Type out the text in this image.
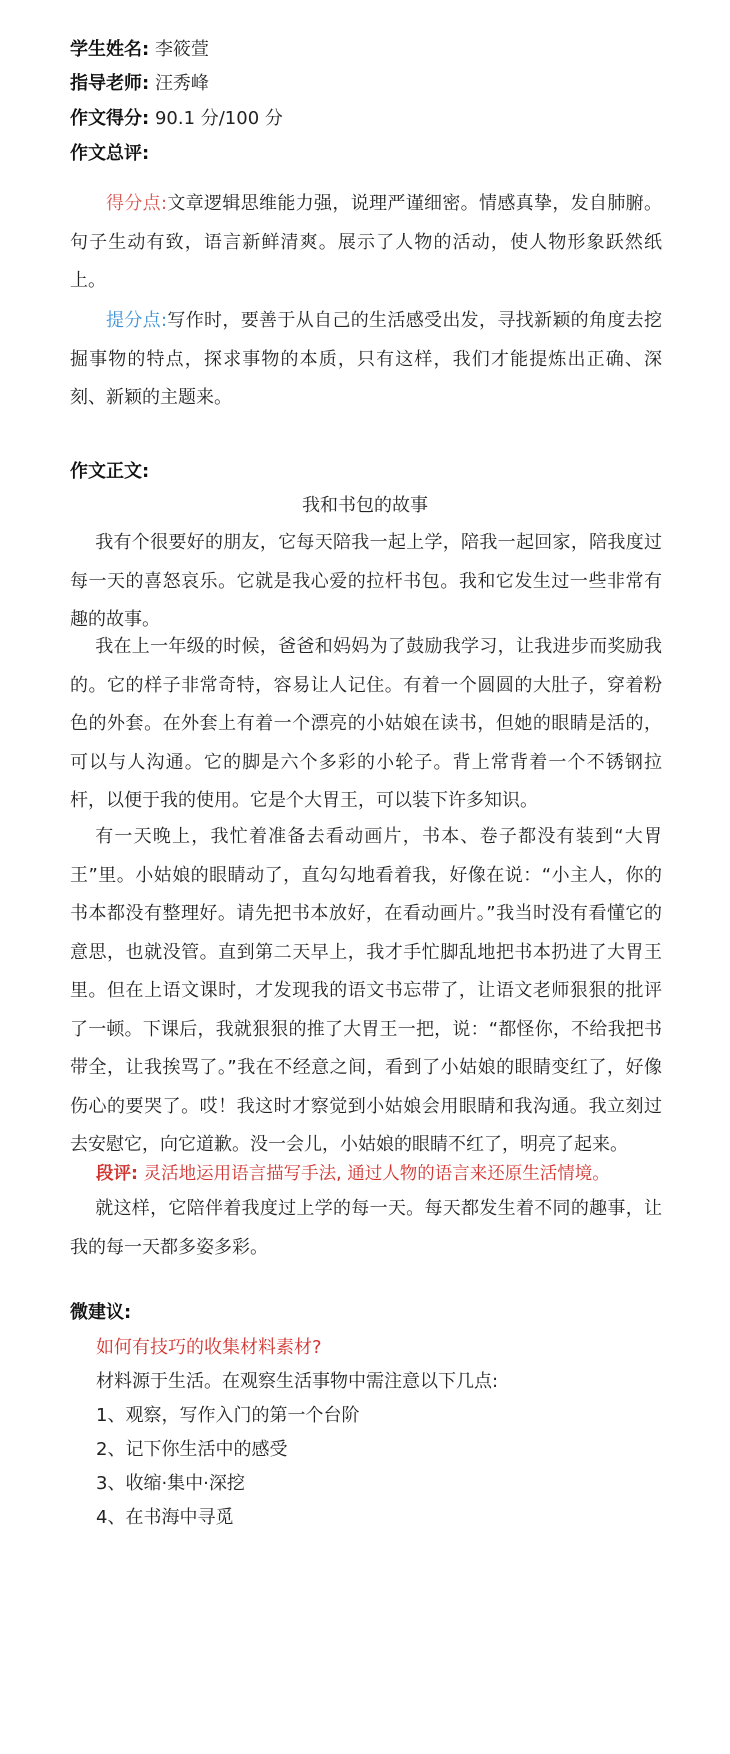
学生姓名: 李筱萱
指导老师: 汪秀峰
作文得分: 90.1 分/100 分
作文总评:
得分点:文章逻辑思维能力强，说理严谨细密。情感真挚，发自肺腑。句子生动有致，语言新鲜清爽。展示了人物的活动，使人物形象跃然纸上。
提分点:写作时，要善于从自己的生活感受出发，寻找新颖的角度去挖掘事物的特点，探求事物的本质，只有这样，我们才能提炼出正确、深刻、新颖的主题来。
作文正文:
我和书包的故事
我有个很要好的朋友，它每天陪我一起上学，陪我一起回家，陪我度过每一天的喜怒哀乐。它就是我心爱的拉杆书包。我和它发生过一些非常有趣的故事。
我在上一年级的时候，爸爸和妈妈为了鼓励我学习，让我进步而奖励我的。它的样子非常奇特，容易让人记住。有着一个圆圆的大肚子，穿着粉色的外套。在外套上有着一个漂亮的小姑娘在读书，但她的眼睛是活的，可以与人沟通。它的脚是六个多彩的小轮子。背上常背着一个不锈钢拉杆，以便于我的使用。它是个大胃王，可以装下许多知识。
有一天晚上，我忙着准备去看动画片，书本、卷子都没有装到“大胃王”里。小姑娘的眼睛动了，直勾勾地看着我，好像在说：“小主人，你的书本都没有整理好。请先把书本放好，在看动画片。”我当时没有看懂它的意思，也就没管。直到第二天早上，我才手忙脚乱地把书本扔进了大胃王里。但在上语文课时，才发现我的语文书忘带了，让语文老师狠狠的批评了一顿。下课后，我就狠狠的推了大胃王一把，说：“都怪你，不给我把书带全，让我挨骂了。”我在不经意之间，看到了小姑娘的眼睛变红了，好像伤心的要哭了。哎！我这时才察觉到小姑娘会用眼睛和我沟通。我立刻过去安慰它，向它道歉。没一会儿，小姑娘的眼睛不红了，明亮了起来。
段评: 灵活地运用语言描写手法, 通过人物的语言来还原生活情境。
就这样，它陪伴着我度过上学的每一天。每天都发生着不同的趣事，让我的每一天都多姿多彩。
微建议:
如何有技巧的收集材料素材?
材料源于生活。在观察生活事物中需注意以下几点:
1、观察，写作入门的第一个台阶
2、记下你生活中的感受
3、收缩·集中·深挖
4、在书海中寻觅
